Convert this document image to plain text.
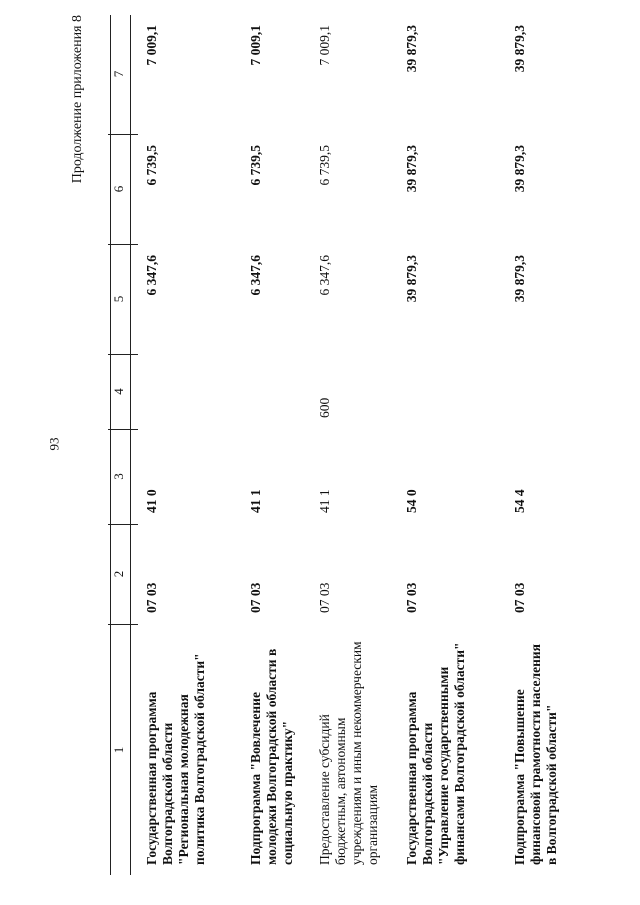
93
Продолжение приложения 8
1
2
3
4
5
6
7
Государственная программа Волгоградской области "Региональная молодежная политика Волгоградской области"
07 03
41 0
6 347,6
6 739,5
7 009,1
Подпрограмма "Вовлечение молодежи Волгоградской области в социальную практику"
07 03
41 1
6 347,6
6 739,5
7 009,1
Предоставление субсидий бюджетным, автономным учреждениям и иным некоммерческим организациям
07 03
41 1
600
6 347,6
6 739,5
7 009,1
Государственная программа Волгоградской области "Управление государственными финансами Волгоградской области"
07 03
54 0
39 879,3
39 879,3
39 879,3
Подпрограмма "Повышение финансовой грамотности населения в Волгоградской области"
07 03
54 4
39 879,3
39 879,3
39 879,3
